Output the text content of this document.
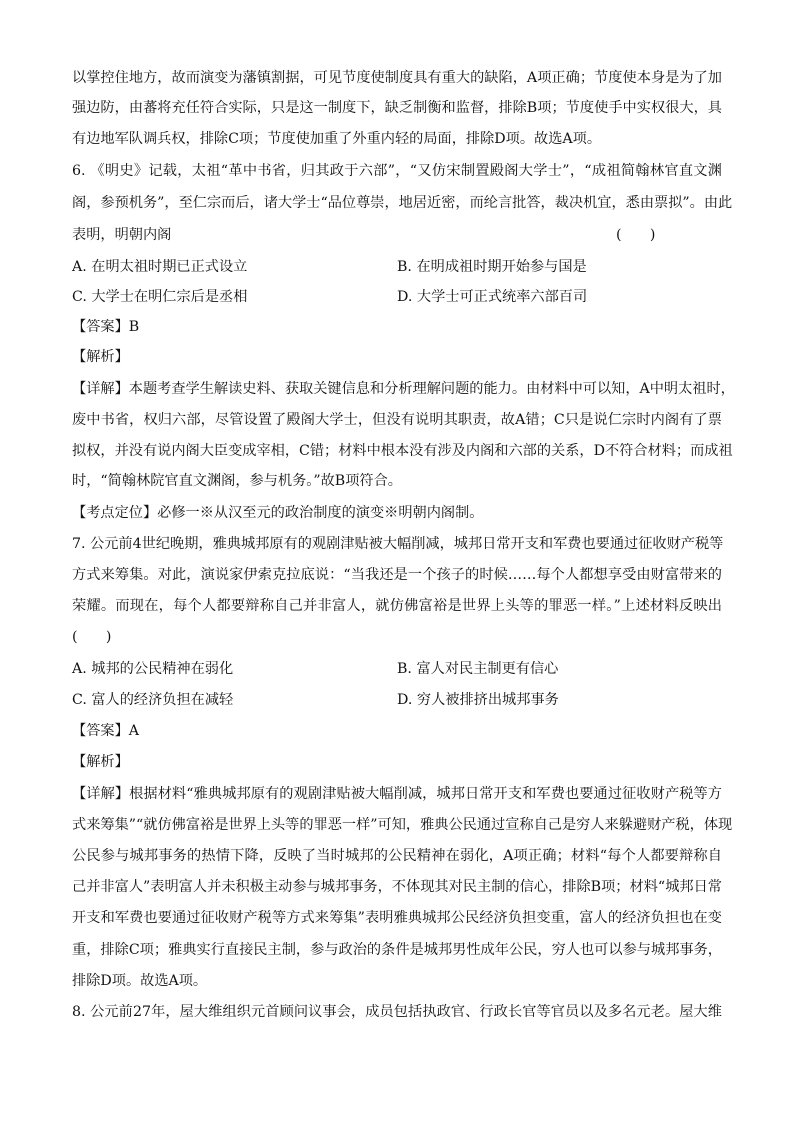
以掌控住地方，故而演变为藩镇割据，可见节度使制度具有重大的缺陷，A项正确；节度使本身是为了加
强边防，由蕃将充任符合实际，只是这一制度下，缺乏制衡和监督，排除B项；节度使手中实权很大，具
有边地军队调兵权，排除C项；节度使加重了外重内轻的局面，排除D项。故选A项。
6. 《明史》记载，太祖“革中书省，归其政于六部”，“又仿宋制置殿阁大学士”，“成祖简翰林官直文渊
阁，参预机务”，至仁宗而后，诸大学士“品位尊崇，地居近密，而纶言批答，裁决机宜，悉由票拟”。由此
表明，明朝内阁	(　　)
A. 在明太祖时期已正式设立	B. 在明成祖时期开始参与国是
C. 大学士在明仁宗后是丞相	D. 大学士可正式统率六部百司
【答案】B
【解析】
【详解】本题考查学生解读史料、获取关键信息和分析理解问题的能力。由材料中可以知，A中明太祖时，
废中书省，权归六部，尽管设置了殿阁大学士，但没有说明其职责，故A错；C只是说仁宗时内阁有了票
拟权，并没有说内阁大臣变成宰相，C错；材料中根本没有涉及内阁和六部的关系，D不符合材料；而成祖
时，“简翰林院官直文渊阁，参与机务。”故B项符合。
【考点定位】必修一※从汉至元的政治制度的演变※明朝内阁制。
7. 公元前4世纪晚期，雅典城邦原有的观剧津贴被大幅削减，城邦日常开支和军费也要通过征收财产税等
方式来筹集。对此，演说家伊索克拉底说：“当我还是一个孩子的时候……每个人都想享受由财富带来的
荣耀。而现在，每个人都要辩称自己并非富人，就仿佛富裕是世界上头等的罪恶一样。”上述材料反映出
(　　)
A. 城邦的公民精神在弱化	B. 富人对民主制更有信心
C. 富人的经济负担在减轻	D. 穷人被排挤出城邦事务
【答案】A
【解析】
【详解】根据材料“雅典城邦原有的观剧津贴被大幅削减，城邦日常开支和军费也要通过征收财产税等方
式来筹集”“就仿佛富裕是世界上头等的罪恶一样”可知，雅典公民通过宣称自己是穷人来躲避财产税，体现
公民参与城邦事务的热情下降，反映了当时城邦的公民精神在弱化，A项正确；材料“每个人都要辩称自
己并非富人”表明富人并未积极主动参与城邦事务，不体现其对民主制的信心，排除B项；材料“城邦日常
开支和军费也要通过征收财产税等方式来筹集”表明雅典城邦公民经济负担变重，富人的经济负担也在变
重，排除C项；雅典实行直接民主制，参与政治的条件是城邦男性成年公民，穷人也可以参与城邦事务，
排除D项。故选A项。
8. 公元前27年，屋大维组织元首顾问议事会，成员包括执政官、行政长官等官员以及多名元老。屋大维
